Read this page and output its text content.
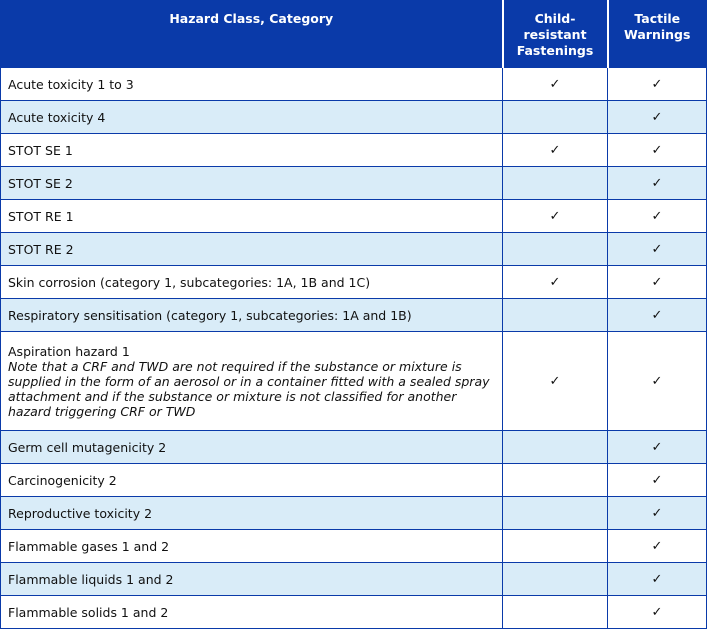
Hazard Class, Category	Child-resistant Fastenings	Tactile Warnings
Acute toxicity 1 to 3	✓	✓
Acute toxicity 4		✓
STOT SE 1	✓	✓
STOT SE 2		✓
STOT RE 1	✓	✓
STOT RE 2		✓
Skin corrosion (category 1, subcategories: 1A, 1B and 1C)	✓	✓
Respiratory sensitisation (category 1, subcategories: 1A and 1B)		✓
Aspiration hazard 1
Note that a CRF and TWD are not required if the substance or mixture is supplied in the form of an aerosol or in a container fitted with a sealed spray attachment and if the substance or mixture is not classified for another hazard triggering CRF or TWD	✓	✓
Germ cell mutagenicity 2		✓
Carcinogenicity 2		✓
Reproductive toxicity 2		✓
Flammable gases 1 and 2		✓
Flammable liquids 1 and 2		✓
Flammable solids 1 and 2		✓
